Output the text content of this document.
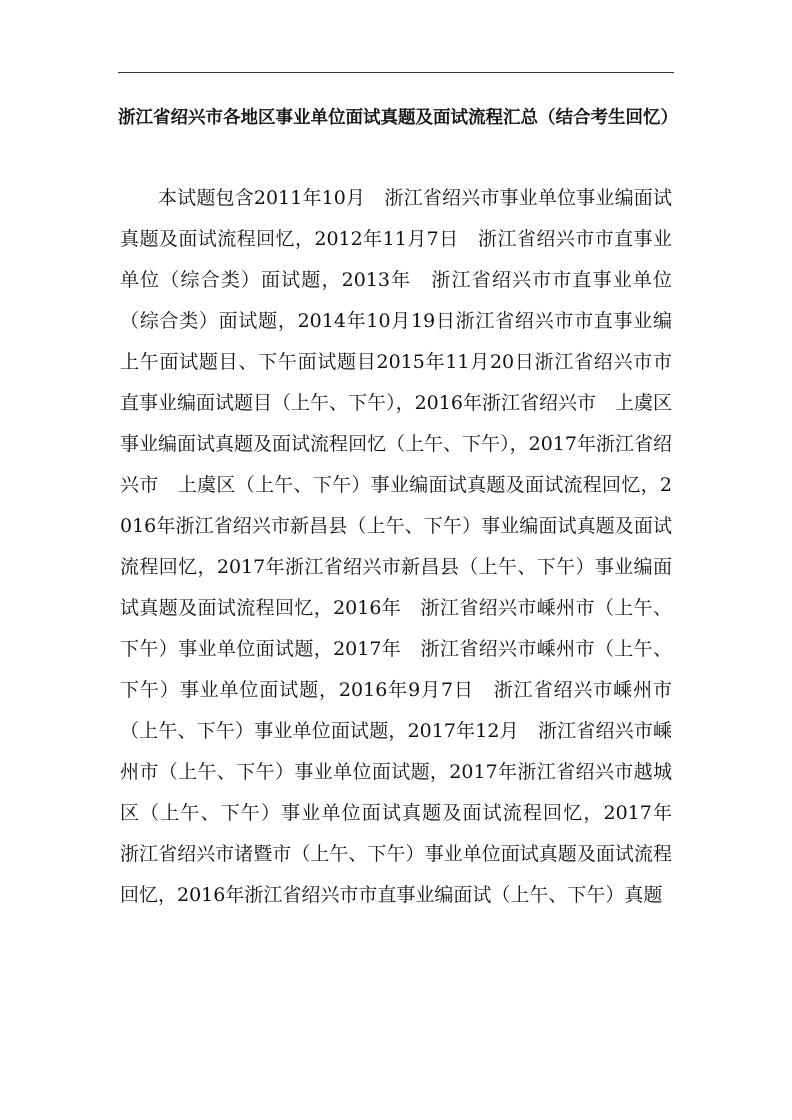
浙江省绍兴市各地区事业单位面试真题及面试流程汇总（结合考生回忆）

本试题包含2011年10月　浙江省绍兴市事业单位事业编面试真题及面试流程回忆，2012年11月7日　浙江省绍兴市市直事业单位（综合类）面试题，2013年　浙江省绍兴市市直事业单位（综合类）面试题，2014年10月19日浙江省绍兴市市直事业编上午面试题目、下午面试题目2015年11月20日浙江省绍兴市市直事业编面试题目（上午、下午），2016年浙江省绍兴市　上虞区事业编面试真题及面试流程回忆（上午、下午），2017年浙江省绍兴市　上虞区（上午、下午）事业编面试真题及面试流程回忆，2016年浙江省绍兴市新昌县（上午、下午）事业编面试真题及面试流程回忆，2017年浙江省绍兴市新昌县（上午、下午）事业编面试真题及面试流程回忆，2016年　浙江省绍兴市嵊州市（上午、下午）事业单位面试题，2017年　浙江省绍兴市嵊州市（上午、下午）事业单位面试题，2016年9月7日　浙江省绍兴市嵊州市（上午、下午）事业单位面试题，2017年12月　浙江省绍兴市嵊州市（上午、下午）事业单位面试题，2017年浙江省绍兴市越城区（上午、下午）事业单位面试真题及面试流程回忆，2017年　浙江省绍兴市诸暨市（上午、下午）事业单位面试真题及面试流程回忆，2016年浙江省绍兴市市直事业编面试（上午、下午）真题
